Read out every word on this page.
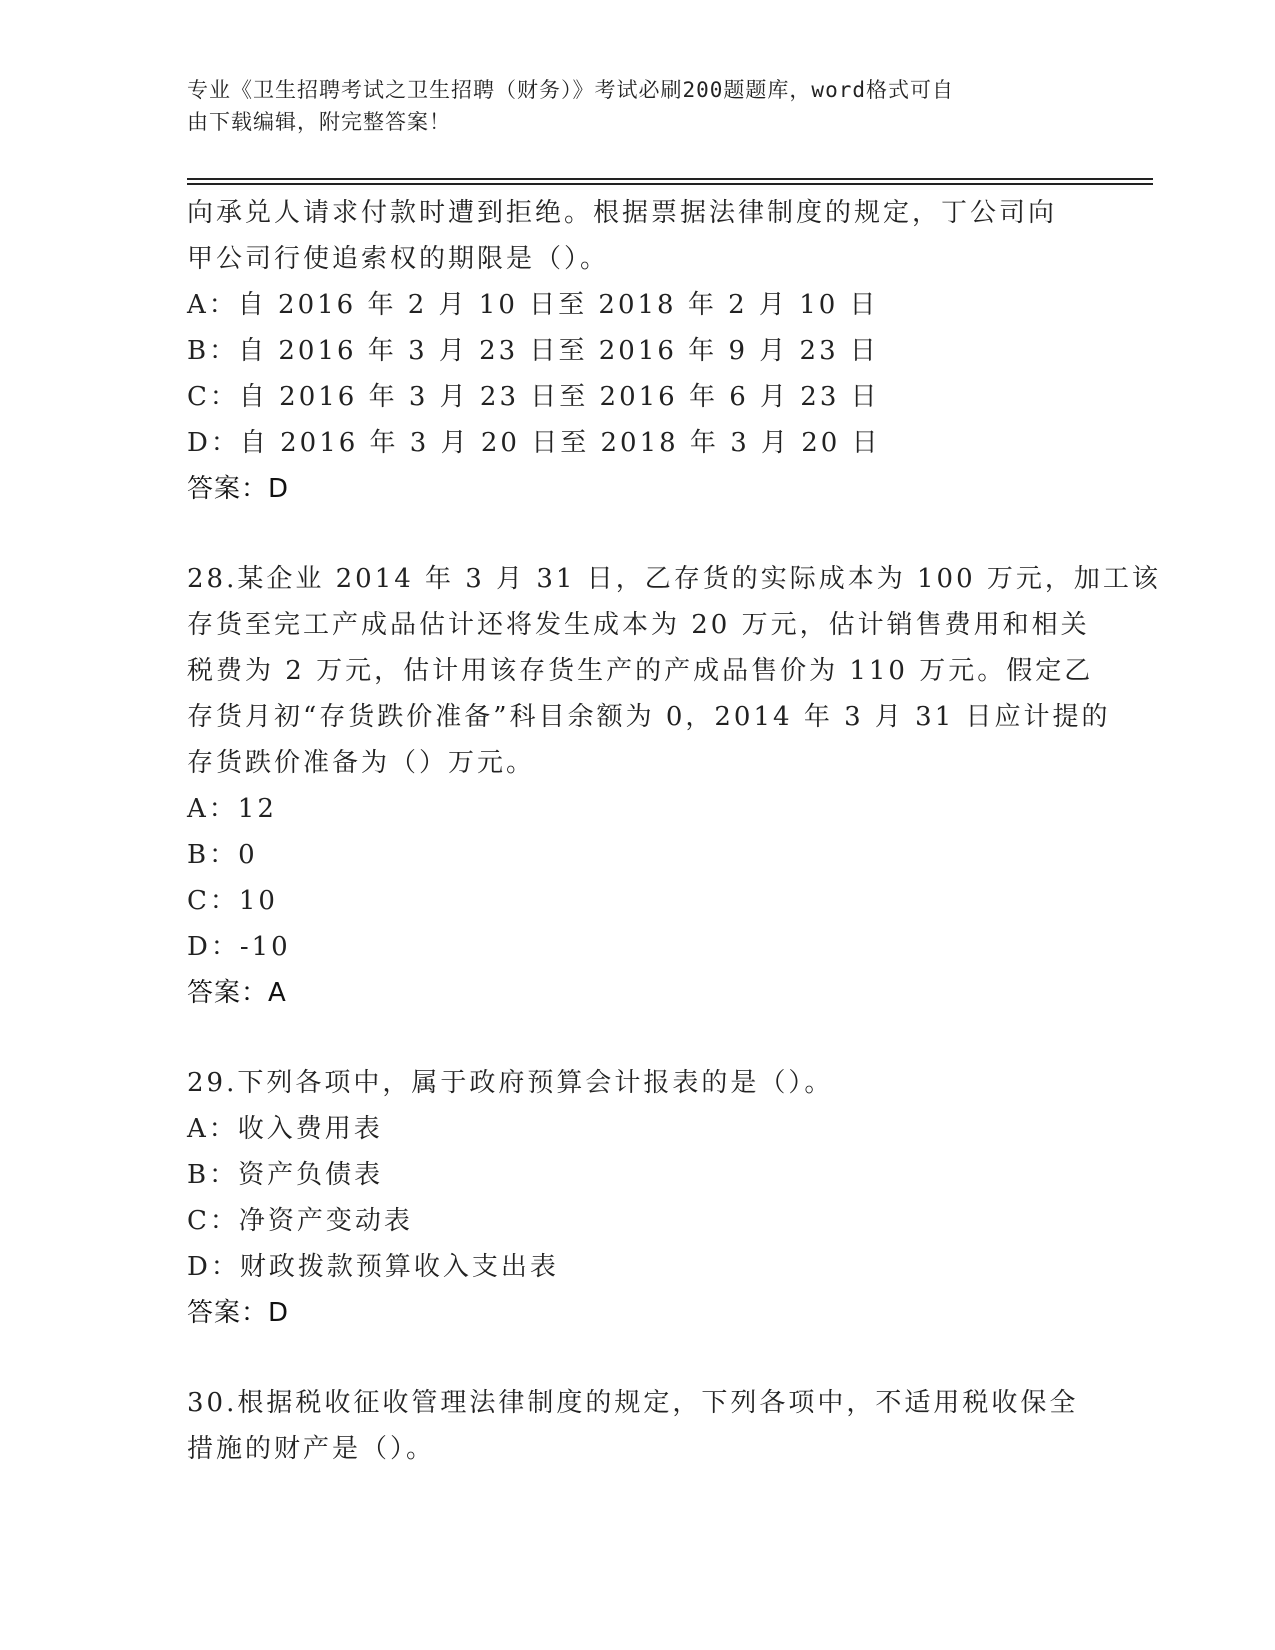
专业《卫生招聘考试之卫生招聘（财务）》考试必刷200题题库，word格式可自
由下载编辑，附完整答案！
向承兑人请求付款时遭到拒绝。根据票据法律制度的规定，丁公司向
甲公司行使追索权的期限是（）。
A：自 2016 年 2 月 10 日至 2018 年 2 月 10 日
B：自 2016 年 3 月 23 日至 2016 年 9 月 23 日
C：自 2016 年 3 月 23 日至 2016 年 6 月 23 日
D：自 2016 年 3 月 20 日至 2018 年 3 月 20 日
答案：D
28.某企业 2014 年 3 月 31 日，乙存货的实际成本为 100 万元，加工该
存货至完工产成品估计还将发生成本为 20 万元，估计销售费用和相关
税费为 2 万元，估计用该存货生产的产成品售价为 110 万元。假定乙
存货月初“存货跌价准备”科目余额为 0，2014 年 3 月 31 日应计提的
存货跌价准备为（）万元。
A：12
B：0
C：10
D：-10
答案：A
29.下列各项中，属于政府预算会计报表的是（）。
A：收入费用表
B：资产负债表
C：净资产变动表
D：财政拨款预算收入支出表
答案：D
30.根据税收征收管理法律制度的规定，下列各项中，不适用税收保全
措施的财产是（）。
